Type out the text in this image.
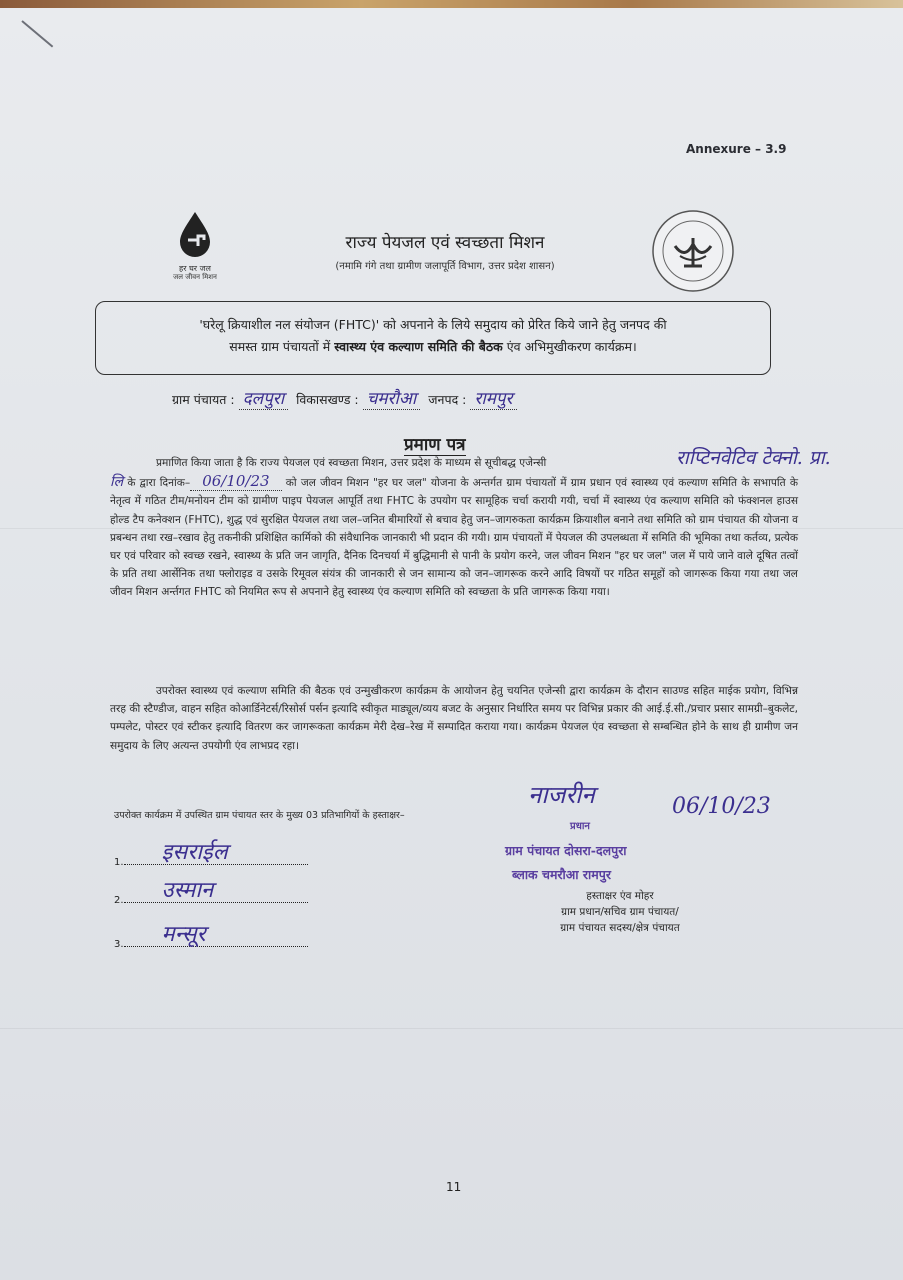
Annexure – 3.9
हर घर जल
जल जीवन मिशन
राज्य पेयजल एवं स्वच्छता मिशन
(नमामि गंगे तथा ग्रामीण जलापूर्ति विभाग, उत्तर प्रदेश शासन)
'घरेलू क्रियाशील नल संयोजन (FHTC)' को अपनाने के लिये समुदाय को प्रेरित किये जाने हेतु जनपद की
समस्त ग्राम पंचायतों में स्वास्थ्य एंव कल्याण समिति की बैठक एंव अभिमुखीकरण कार्यक्रम।
ग्राम पंचायत : दलपुरा विकासखण्ड : चमरौआ जनपद : रामपुर
प्रमाण पत्र
राप्टिनवेटिव टेक्नो. प्रा.
प्रमाणित किया जाता है कि राज्य पेयजल एवं स्वच्छता मिशन, उत्तर प्रदेश के माध्यम से सूचीबद्ध एजेन्सी
लि के द्वारा दिनांक– 06/10/23 को जल जीवन मिशन "हर घर जल" योजना के अन्तर्गत ग्राम पंचायतों में ग्राम प्रधान एवं स्वास्थ्य एवं कल्याण समिति के सभापति के नेतृत्व में गठित टीम/मनोयन टीम को ग्रामीण पाइप पेयजल आपूर्ति तथा FHTC के उपयोग पर सामूहिक चर्चा करायी गयी, चर्चा में स्वास्थ्य एंव कल्याण समिति को फंक्शनल हाउस होल्ड टैप कनेक्शन (FHTC), शुद्ध एवं सुरक्षित पेयजल तथा जल–जनित बीमारियों से बचाव हेतु जन–जागरुकता कार्यक्रम क्रियाशील बनाने तथा समिति को ग्राम पंचायत की योजना व प्रबन्धन तथा रख–रखाव हेतु तकनीकी प्रशिक्षित कार्मिको की संवैधानिक जानकारी भी प्रदान की गयी। ग्राम पंचायतों में पेयजल की उपलब्धता में समिति की भूमिका तथा कर्तव्य, प्रत्येक घर एवं परिवार को स्वच्छ रखने, स्वास्थ्य के प्रति जन जागृति, दैनिक दिनचर्या में बुद्धिमानी से पानी के प्रयोग करने, जल जीवन मिशन "हर घर जल" जल में पाये जाने वाले दूषित तत्वों के प्रति तथा आर्सेनिक तथा फ्लोराइड व उसके रिमूवल संयंत्र की जानकारी से जन सामान्य को जन–जागरूक करने आदि विषयों पर गठित समूहों को जागरूक किया गया तथा जल जीवन मिशन अर्न्तगत FHTC को नियमित रूप से अपनाने हेतु स्वास्थ्य एंव कल्याण समिति को स्वच्छता के प्रति जागरूक किया गया।
उपरोक्त स्वास्थ्य एवं कल्याण समिति की बैठक एवं उन्मुखीकरण कार्यक्रम के आयोजन हेतु चयनित एजेन्सी द्वारा कार्यक्रम के दौरान साउण्ड सहित माईक प्रयोग, विभिन्न तरह की स्टैण्डीज, वाहन सहित कोआर्डिनेटर्स/रिसोर्स पर्सन इत्यादि स्वीकृत माड्यूल/व्यय बजट के अनुसार निर्धारित समय पर विभिन्न प्रकार की आई.ई.सी./प्रचार प्रसार सामग्री–बुकलेट, पम्पलेट, पोस्टर एवं स्टीकर इत्यादि वितरण कर जागरूकता कार्यक्रम मेरी देख–रेख में सम्पादित कराया गया। कार्यक्रम पेयजल एंव स्वच्छता से सम्बन्धित होने के साथ ही ग्रामीण जन समुदाय के लिए अत्यन्त उपयोगी एंव लाभप्रद रहा।
उपरोक्त कार्यक्रम में उपस्थित ग्राम पंचायत स्तर के मुख्य 03 प्रतिभागियों के हस्ताक्षर–
1. इसराईल
2. उस्मान
3. मन्सूर
नाजरीन	06/10/23
प्रधान
ग्राम पंचायत दोसरा-दलपुरा
ब्लाक चमरौआ रामपुर
हस्ताक्षर एंव मोहर
ग्राम प्रधान/सचिव ग्राम पंचायत/
ग्राम पंचायत सदस्य/क्षेत्र पंचायत
11
